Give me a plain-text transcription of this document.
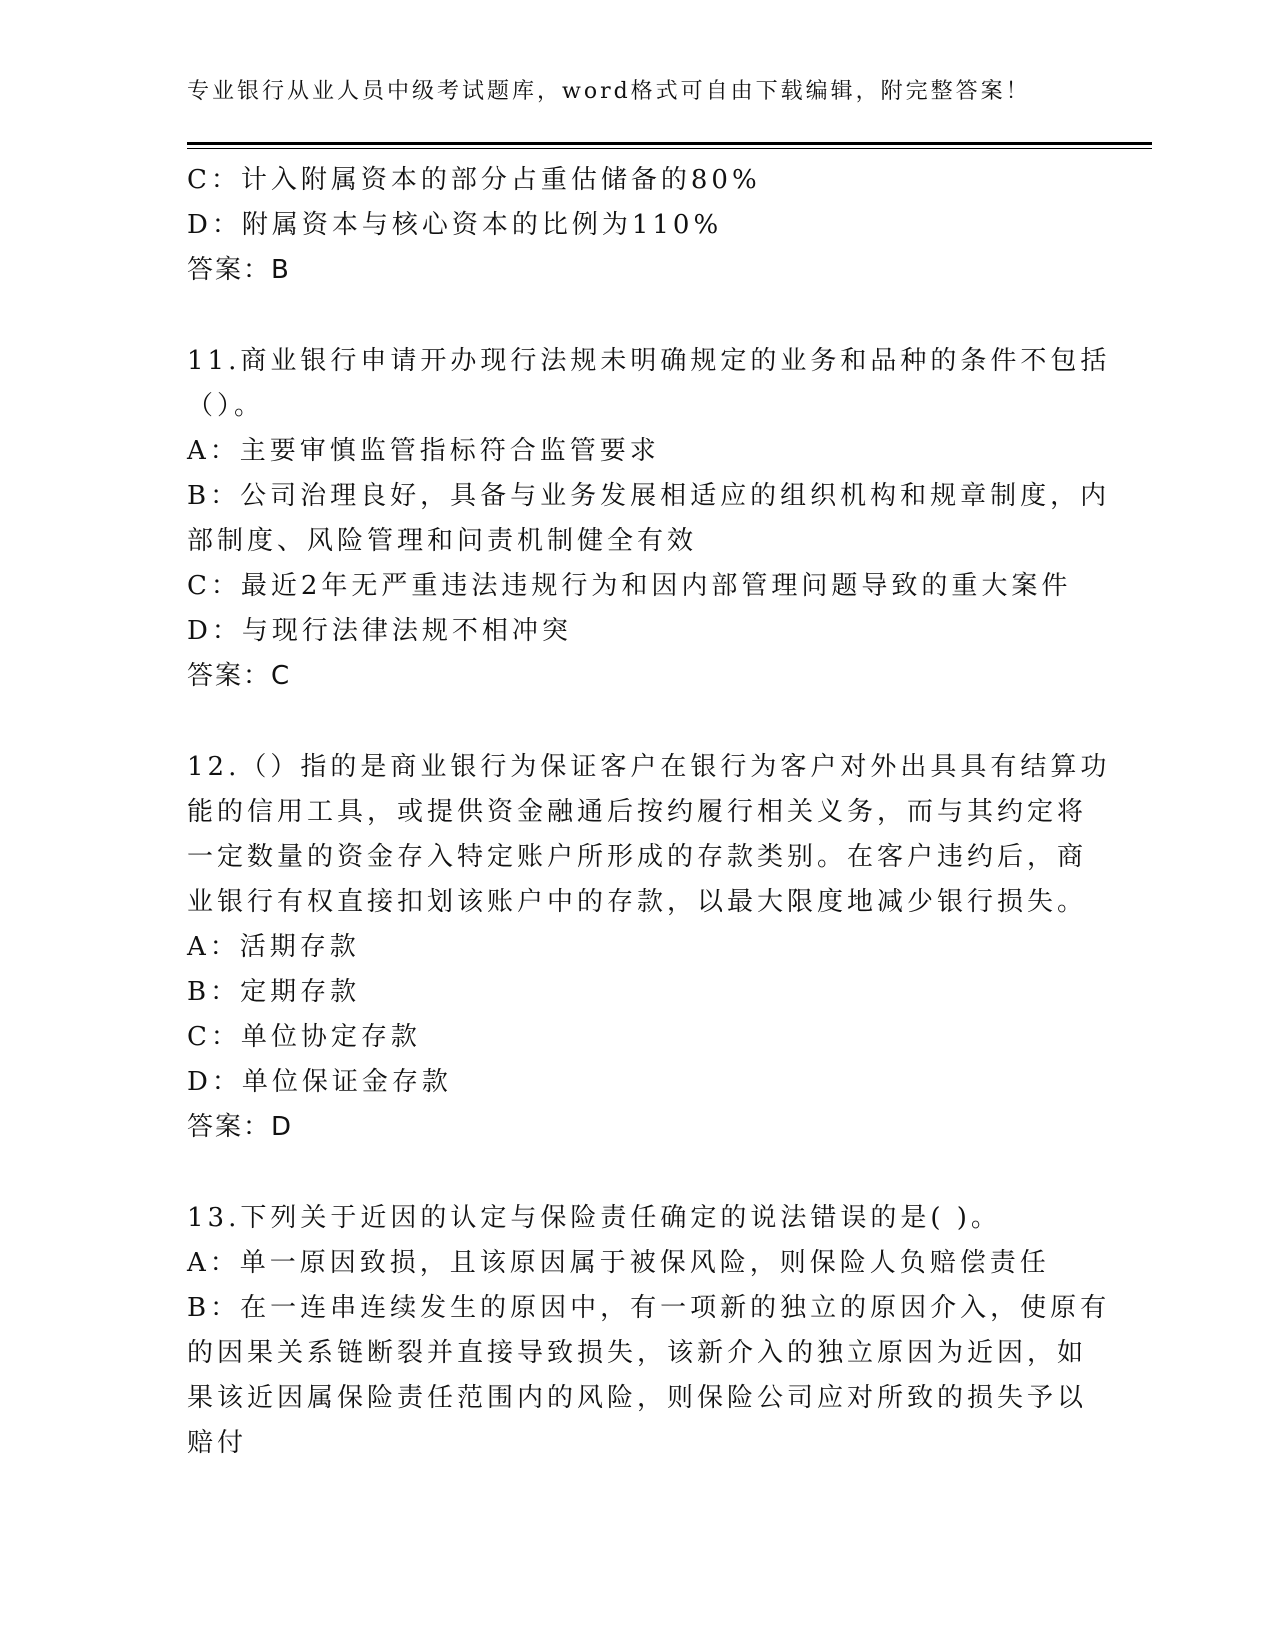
专业银行从业人员中级考试题库，word格式可自由下载编辑，附完整答案！
C：计入附属资本的部分占重估储备的80%
D：附属资本与核心资本的比例为110%
答案：B
11.商业银行申请开办现行法规未明确规定的业务和品种的条件不包括
（）。
A：主要审慎监管指标符合监管要求
B：公司治理良好，具备与业务发展相适应的组织机构和规章制度，内
部制度、风险管理和问责机制健全有效
C：最近2年无严重违法违规行为和因内部管理问题导致的重大案件
D：与现行法律法规不相冲突
答案：C
12.（）指的是商业银行为保证客户在银行为客户对外出具具有结算功
能的信用工具，或提供资金融通后按约履行相关义务，而与其约定将
一定数量的资金存入特定账户所形成的存款类别。在客户违约后，商
业银行有权直接扣划该账户中的存款，以最大限度地减少银行损失。
A：活期存款
B：定期存款
C：单位协定存款
D：单位保证金存款
答案：D
13.下列关于近因的认定与保险责任确定的说法错误的是( )。
A：单一原因致损，且该原因属于被保风险，则保险人负赔偿责任
B：在一连串连续发生的原因中，有一项新的独立的原因介入，使原有
的因果关系链断裂并直接导致损失，该新介入的独立原因为近因，如
果该近因属保险责任范围内的风险，则保险公司应对所致的损失予以
赔付
